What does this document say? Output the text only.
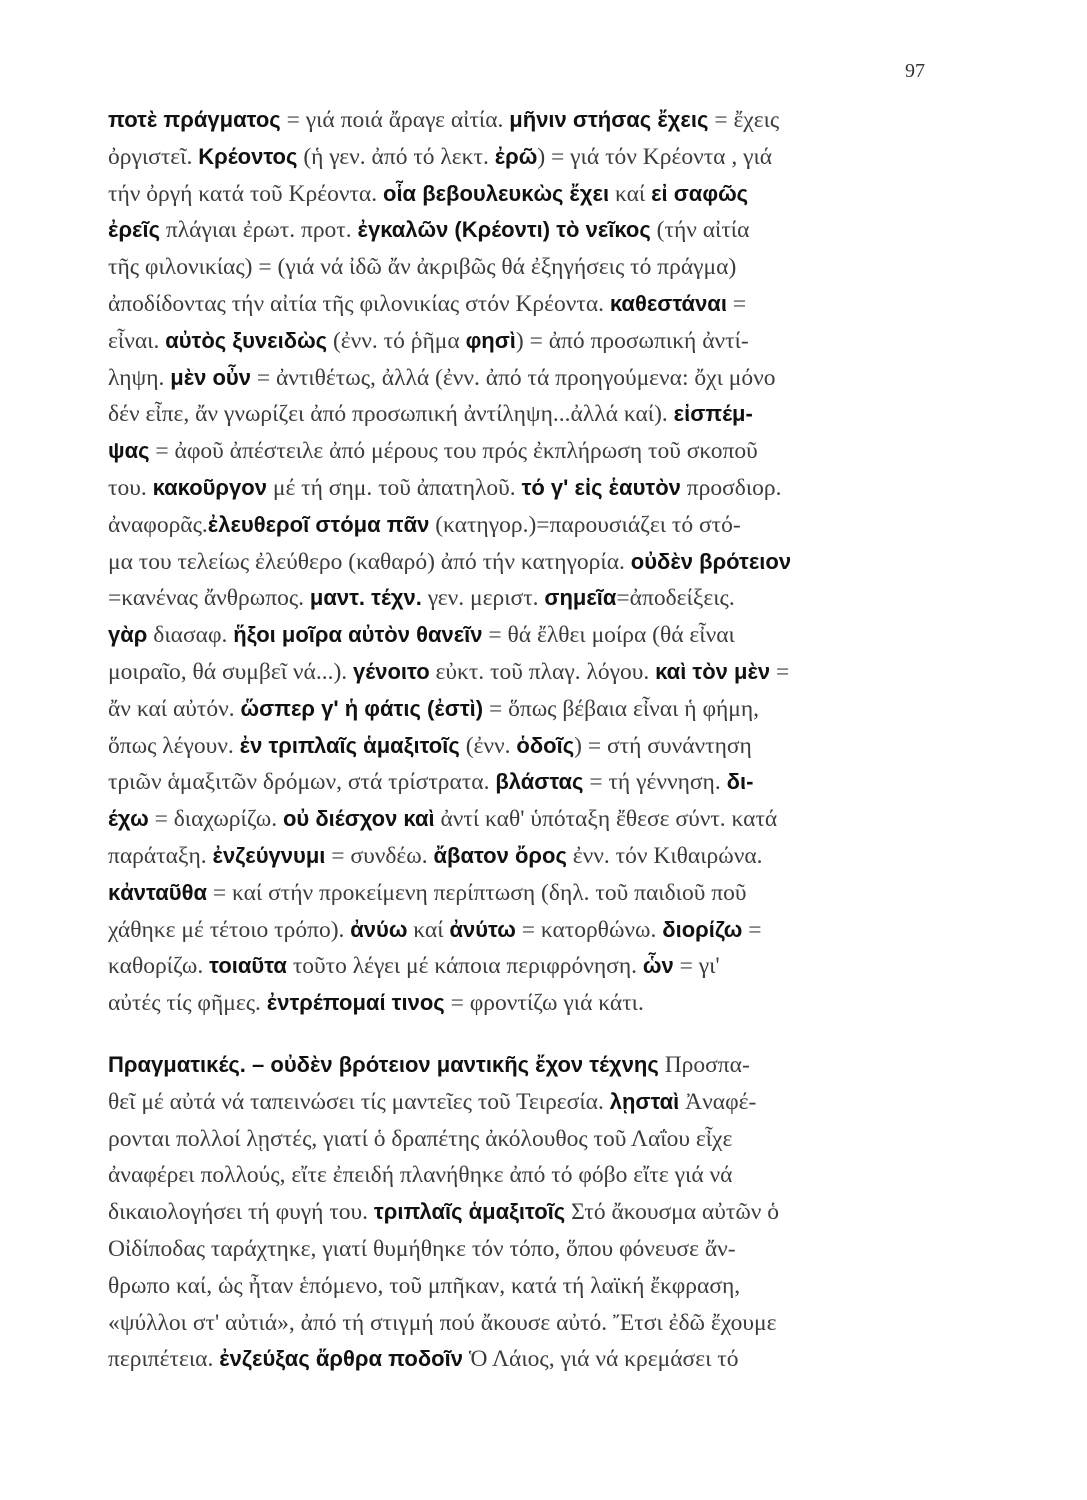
97
ποτὲ πράγματος = γιά ποιά ἄραγε αἰτία. μῆνιν στήσας ἔχεις = ἔχεις
ὀργιστεῖ. Κρέοντος (ἡ γεν. ἀπό τό λεκτ. ἐρῶ) = γιά τόν Κρέοντα , γιά
τήν ὀργή κατά τοῦ Κρέοντα. οἷα βεβουλευκὼς ἔχει καί εἰ σαφῶς
ἐρεῖς πλάγιαι ἐρωτ. προτ. ἐγκαλῶν (Κρέοντι) τὸ νεῖκος (τήν αἰτία
τῆς φιλονικίας) = (γιά νά ἰδῶ ἄν ἀκριβῶς θά ἐξηγήσεις τό πράγμα)
ἀποδίδοντας τήν αἰτία τῆς φιλονικίας στόν Κρέοντα. καθεστάναι =
εἶναι. αὐτὸς ξυνειδὼς (ἐνν. τό ῥῆμα φησὶ) = ἀπό προσωπική ἀντί-
ληψη. μὲν οὖν = ἀντιθέτως, ἀλλά (ἐνν. ἀπό τά προηγούμενα: ὄχι μόνο
δέν εἶπε, ἄν γνωρίζει ἀπό προσωπική ἀντίληψη...ἀλλά καί). εἰσπέμ-
ψας = ἀφοῦ ἀπέστειλε ἀπό μέρους του πρός ἐκπλήρωση τοῦ σκοποῦ
του. κακοῦργον μέ τή σημ. τοῦ ἀπατηλοῦ. τό γ' εἰς ἑαυτὸν προσδιορ.
ἀναφορᾶς.ἐλευθεροῖ στόμα πᾶν (κατηγορ.)=παρουσιάζει τό στό-
μα του τελείως ἐλεύθερο (καθαρό) ἀπό τήν κατηγορία. οὐδὲν βρότειον
=κανένας ἄνθρωπος. μαντ. τέχν. γεν. μεριστ. σημεῖα=ἀποδείξεις.
γὰρ διασαφ. ἥξοι μοῖρα αὐτὸν θανεῖν = θά ἔλθει μοίρα (θά εἶναι
μοιραῖο, θά συμβεῖ νά...). γένοιτο εὐκτ. τοῦ πλαγ. λόγου. καὶ τὸν μὲν =
ἄν καί αὐτόν. ὥσπερ γ' ἡ φάτις (ἐστὶ) = ὅπως βέβαια εἶναι ἡ φήμη,
ὅπως λέγουν. ἐν τριπλαῖς ἁμαξιτοῖς (ἐνν. ὁδοῖς) = στή συνάντηση
τριῶν ἁμαξιτῶν δρόμων, στά τρίστρατα. βλάστας = τή γέννηση. δι-
έχω = διαχωρίζω. οὐ διέσχον καὶ ἀντί καθ' ὑπόταξη ἔθεσε σύντ. κατά
παράταξη. ἐνζεύγνυμι = συνδέω. ἄβατον ὄρος ἐνν. τόν Κιθαιρώνα.
κἀνταῦθα = καί στήν προκείμενη περίπτωση (δηλ. τοῦ παιδιοῦ ποῦ
χάθηκε μέ τέτοιο τρόπο). ἀνύω καί ἀνύτω = κατορθώνω. διορίζω =
καθορίζω. τοιαῦτα τοῦτο λέγει μέ κάποια περιφρόνηση. ὧν = γι'
αὐτές τίς φῆμες. ἐντρέπομαί τινος = φροντίζω γιά κάτι.
Πραγματικές. – οὐδὲν βρότειον μαντικῆς ἔχον τέχνης Προσπα-
θεῖ μέ αὐτά νά ταπεινώσει τίς μαντεῖες τοῦ Τειρεσία. λῃσταὶ Ἀναφέ-
ρονται πολλοί λῃστές, γιατί ὁ δραπέτης ἀκόλουθος τοῦ Λαΐου εἶχε
ἀναφέρει πολλούς, εἴτε ἐπειδή πλανήθηκε ἀπό τό φόβο εἴτε γιά νά
δικαιολογήσει τή φυγή του. τριπλαῖς ἁμαξιτοῖς Στό ἄκουσμα αὐτῶν ὁ
Οἰδίποδας ταράχτηκε, γιατί θυμήθηκε τόν τόπο, ὅπου φόνευσε ἄν-
θρωπο καί, ὡς ἦταν ἑπόμενο, τοῦ μπῆκαν, κατά τή λαϊκή ἔκφραση,
«ψύλλοι στ' αὐτιά», ἀπό τή στιγμή πού ἄκουσε αὐτό. Ἔτσι ἐδῶ ἔχουμε
περιπέτεια. ἐνζεύξας ἄρθρα ποδοῖν Ὁ Λάιος, γιά νά κρεμάσει τό
